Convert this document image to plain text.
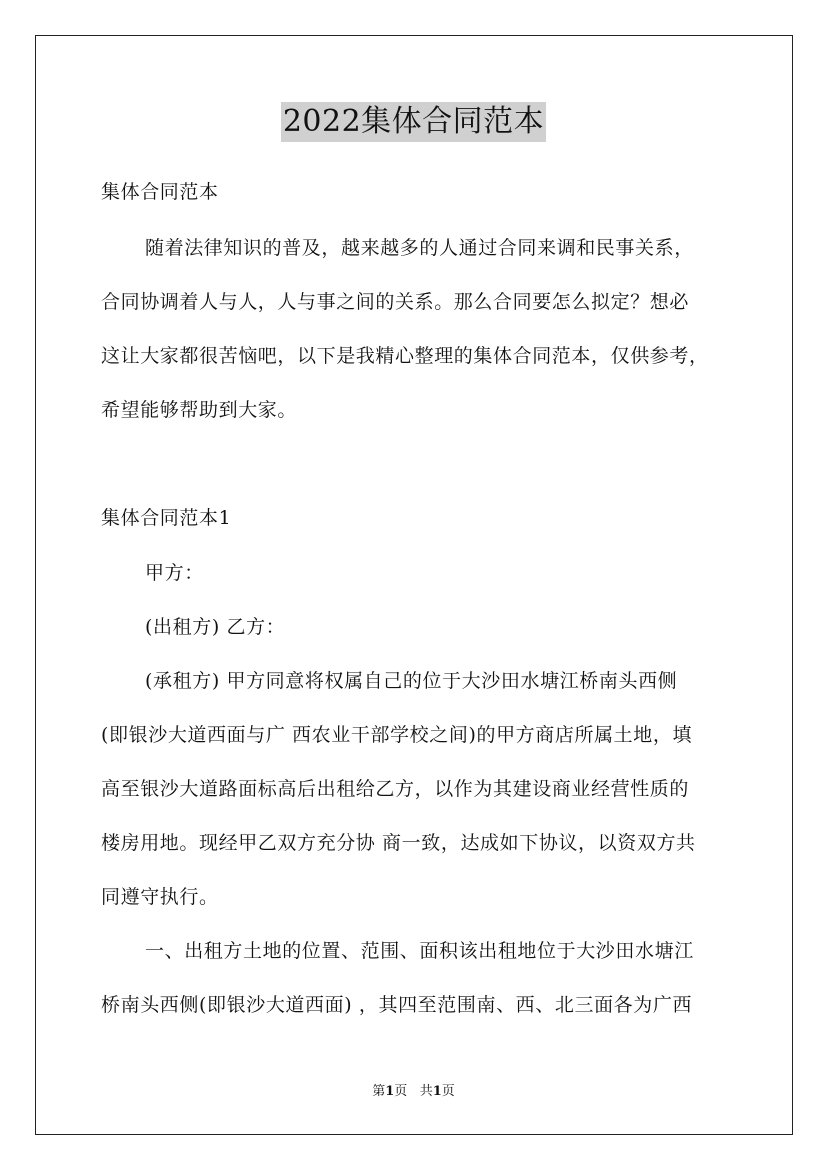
2022集体合同范本
集体合同范本
随着法律知识的普及，越来越多的人通过合同来调和民事关系，
合同协调着人与人，人与事之间的关系。那么合同要怎么拟定？想必
这让大家都很苦恼吧，以下是我精心整理的集体合同范本，仅供参考，
希望能够帮助到大家。
集体合同范本1
甲方：
(出租方) 乙方：
(承租方) 甲方同意将权属自己的位于大沙田水塘江桥南头西侧
(即银沙大道西面与广 西农业干部学校之间)的甲方商店所属土地，填
高至银沙大道路面标高后出租给乙方，以作为其建设商业经营性质的
楼房用地。现经甲乙双方充分协 商一致，达成如下协议，以资双方共
同遵守执行。
一、出租方土地的位置、范围、面积该出租地位于大沙田水塘江
桥南头西侧(即银沙大道西面) ，其四至范围南、西、北三面各为广西
第1页   共1页
